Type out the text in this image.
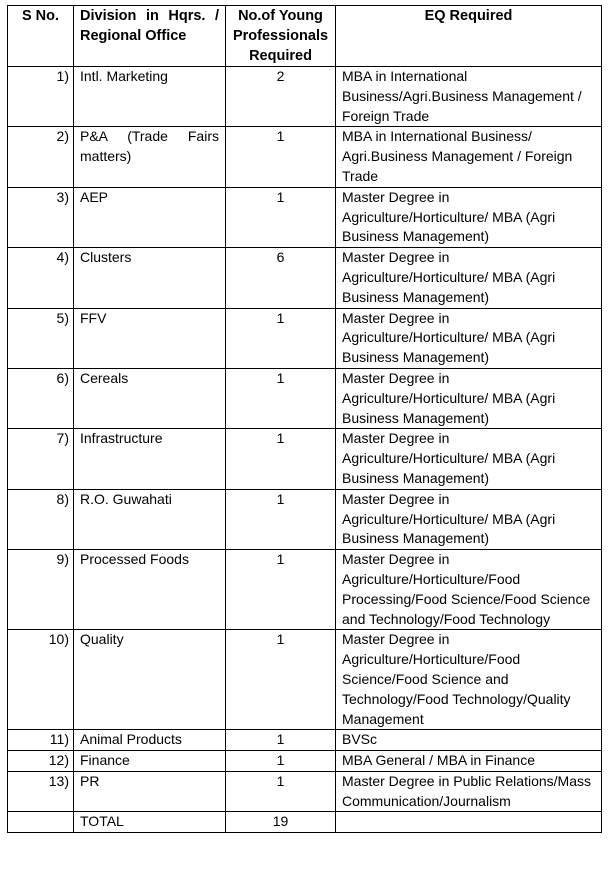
S No.	Division in Hqrs. / Regional Office	No.of Young Professionals Required	EQ Required
1)	Intl. Marketing	2	MBA in International Business/Agri.Business Management / Foreign Trade
2)	P&A (Trade Fairs matters)	1	MBA in International Business/ Agri.Business Management / Foreign Trade
3)	AEP	1	Master Degree in Agriculture/Horticulture/ MBA (Agri Business Management)
4)	Clusters	6	Master Degree in Agriculture/Horticulture/ MBA (Agri Business Management)
5)	FFV	1	Master Degree in Agriculture/Horticulture/ MBA (Agri Business Management)
6)	Cereals	1	Master Degree in Agriculture/Horticulture/ MBA (Agri Business Management)
7)	Infrastructure	1	Master Degree in Agriculture/Horticulture/ MBA (Agri Business Management)
8)	R.O. Guwahati	1	Master Degree in Agriculture/Horticulture/ MBA (Agri Business Management)
9)	Processed Foods	1	Master Degree in Agriculture/Horticulture/Food Processing/Food Science/Food Science and Technology/Food Technology
10)	Quality	1	Master Degree in Agriculture/Horticulture/Food Science/Food Science and Technology/Food Technology/Quality Management
11)	Animal Products	1	BVSc
12)	Finance	1	MBA General / MBA in Finance
13)	PR	1	Master Degree in Public Relations/Mass Communication/Journalism
	TOTAL	19	
